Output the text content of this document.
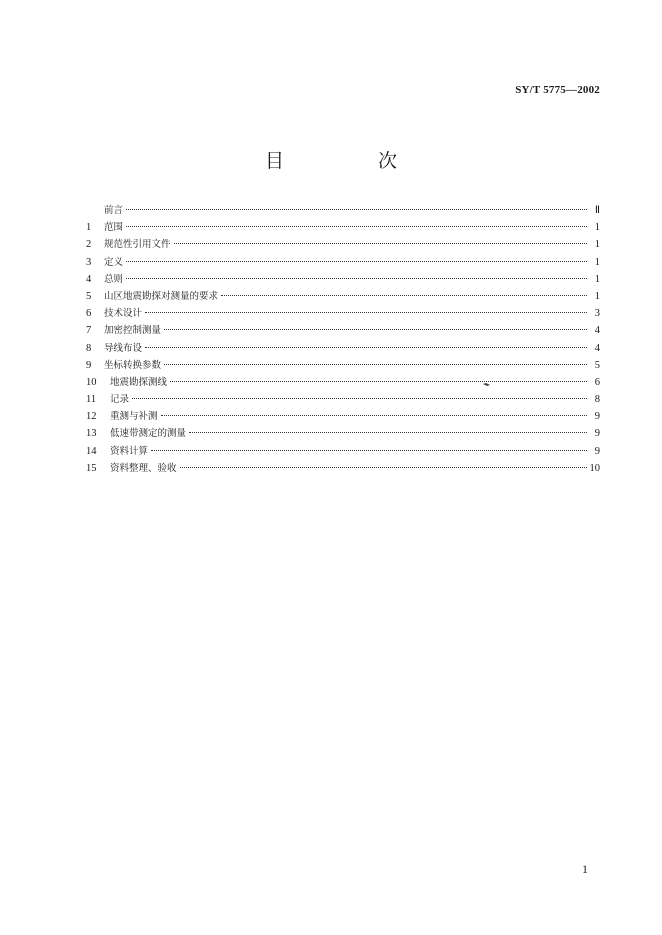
SY/T 5775—2002
目 次
前言	Ⅱ
1	范围	1
2	规范性引用文件	1
3	定义	1
4	总则	1
5	山区地震勘探对测量的要求	1
6	技术设计	3
7	加密控制测量	4
8	导线布设	4
9	坐标转换参数	5
10	地震勘探测线	6
11	记录	8
12	重测与补测	9
13	低速带测定的测量	9
14	资料计算	9
15	资料整理、验收	10
1
